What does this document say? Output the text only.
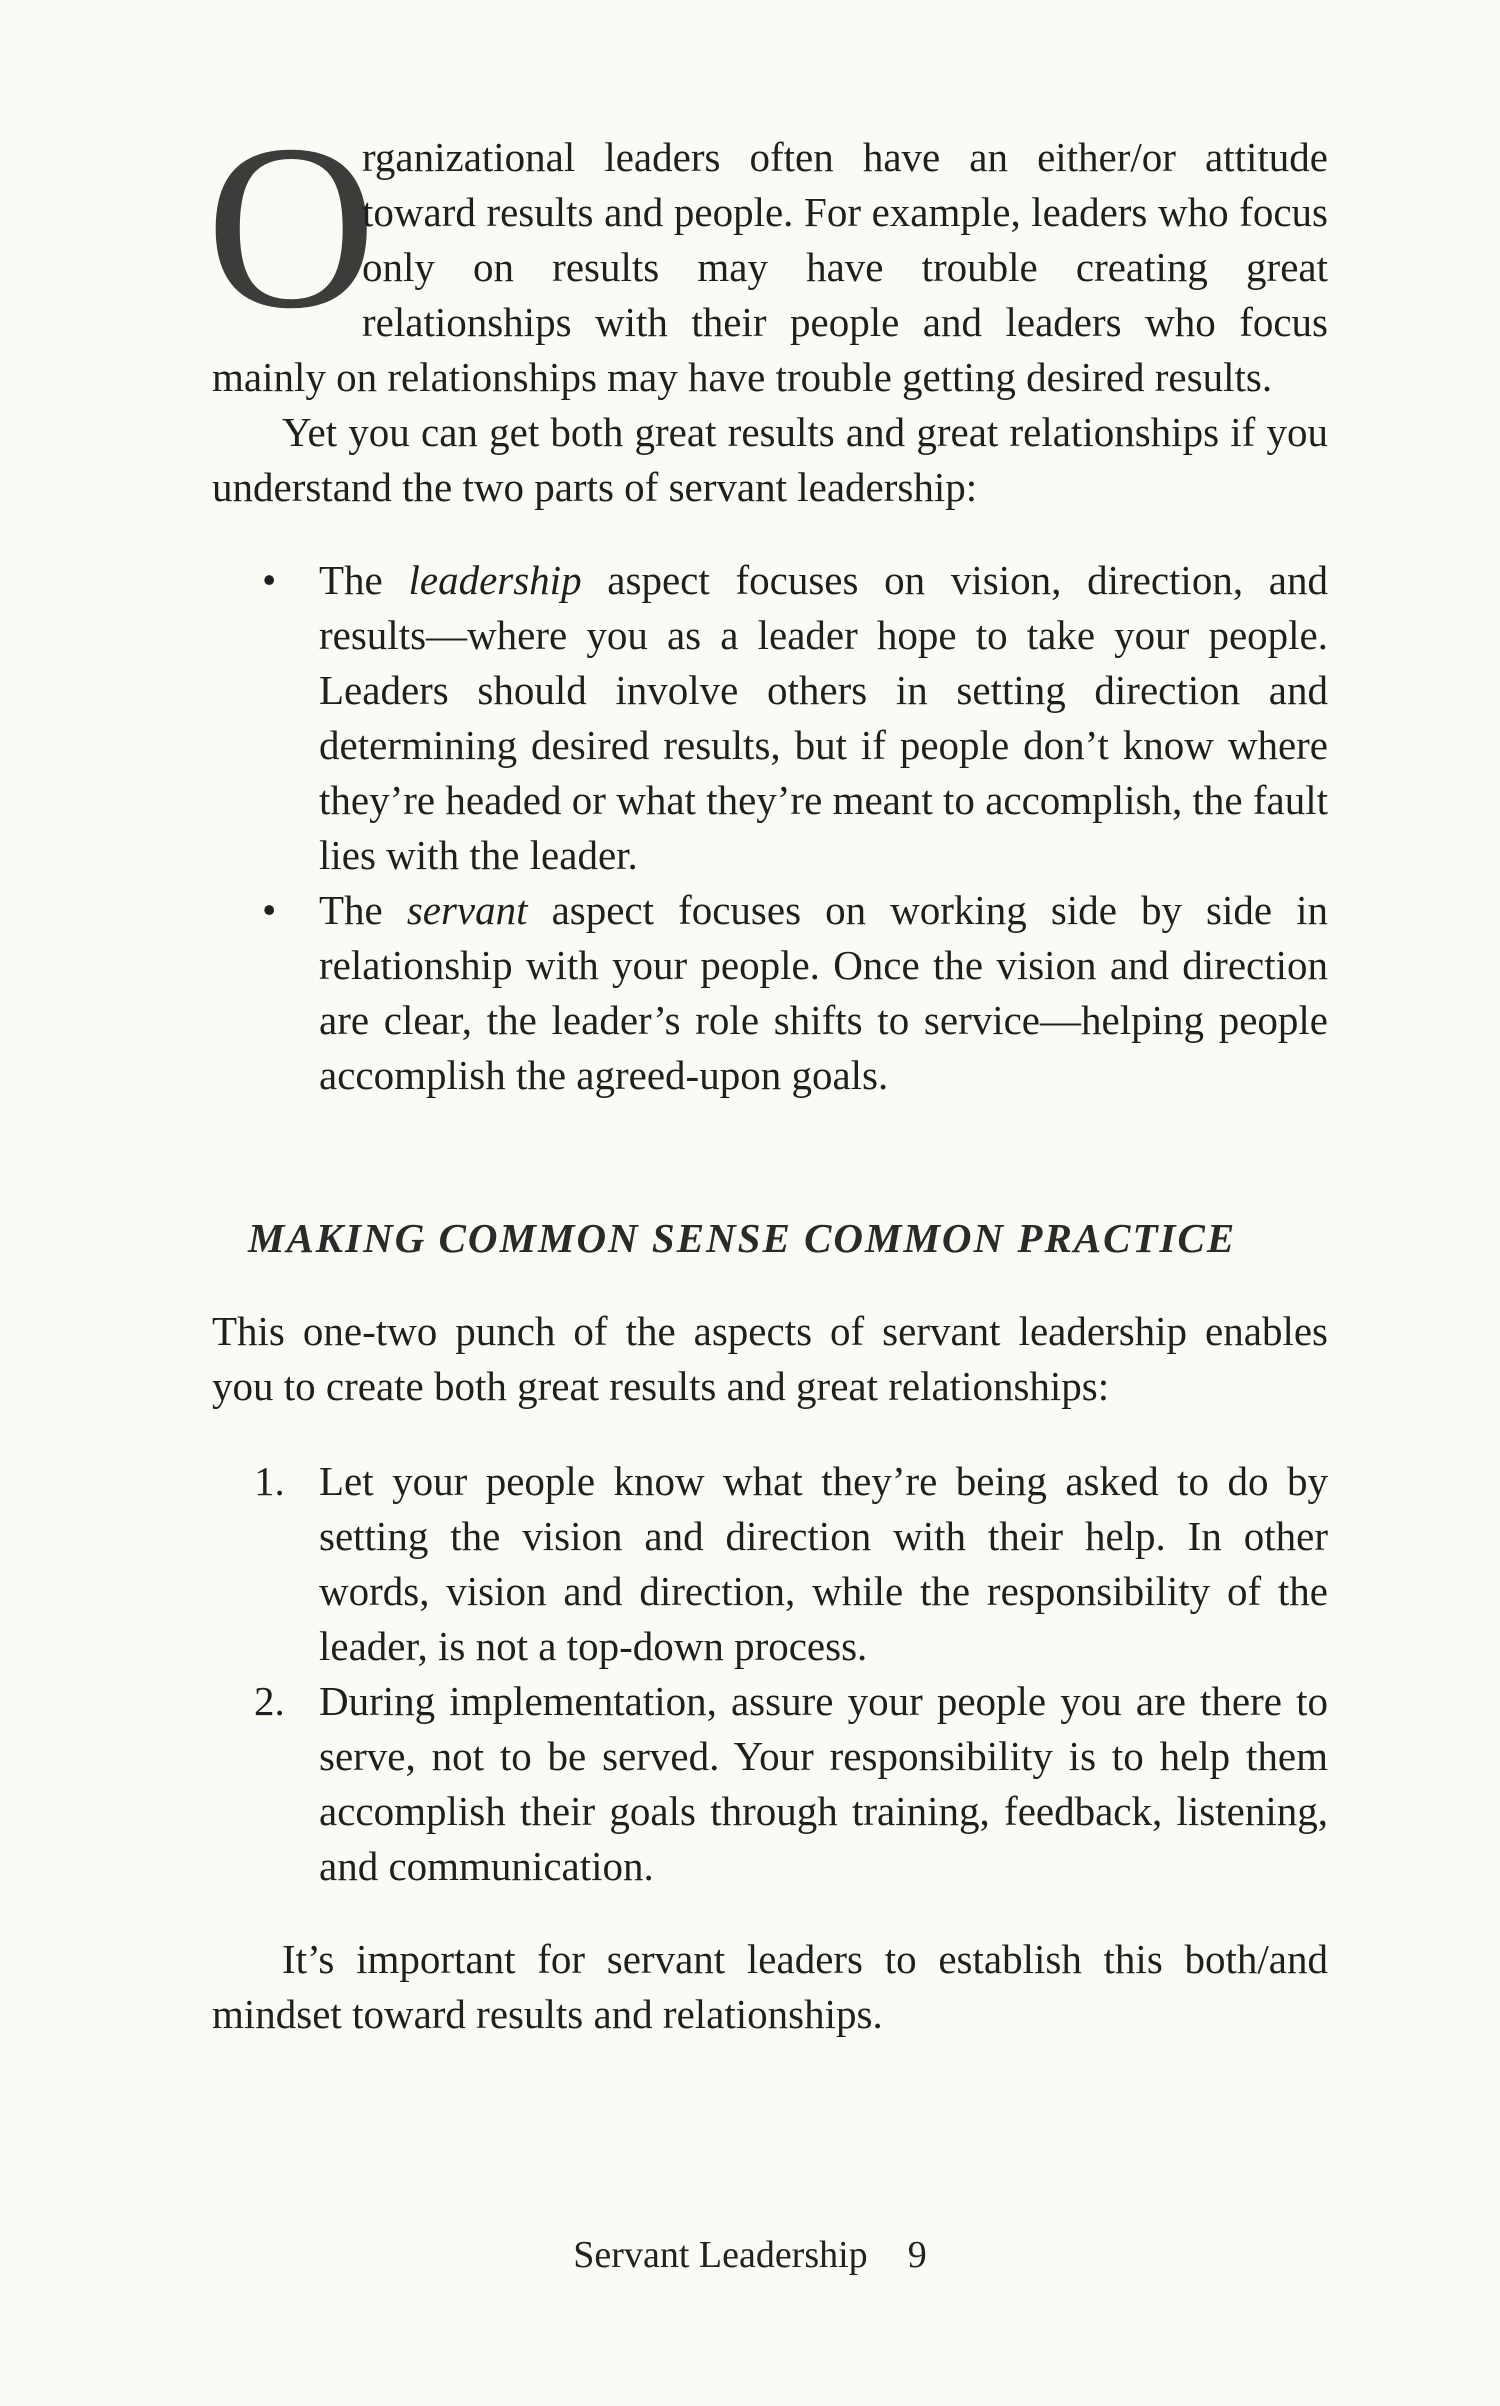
O
rganizational leaders often have an either/or attitude toward results and people. For example, leaders who focus only on results may have trouble creating great relationships with their people and leaders who focus mainly on relationships may have trouble getting desired results.

Yet you can get both great results and great relationships if you understand the two parts of servant leadership:

• The leadership aspect focuses on vision, direction, and results—where you as a leader hope to take your people. Leaders should involve others in setting direction and determining desired results, but if people don’t know where they’re headed or what they’re meant to accomplish, the fault lies with the leader.
• The servant aspect focuses on working side by side in relationship with your people. Once the vision and direction are clear, the leader’s role shifts to service—helping people accomplish the agreed-upon goals.
MAKING COMMON SENSE COMMON PRACTICE

This one-two punch of the aspects of servant leadership enables you to create both great results and great relationships:

1. Let your people know what they’re being asked to do by setting the vision and direction with their help. In other words, vision and direction, while the responsibility of the leader, is not a top-down process.
2. During implementation, assure your people you are there to serve, not to be served. Your responsibility is to help them accomplish their goals through training, feedback, listening, and communication.

It’s important for servant leaders to establish this both/and mindset toward results and relationships.

Servant Leadership 9
